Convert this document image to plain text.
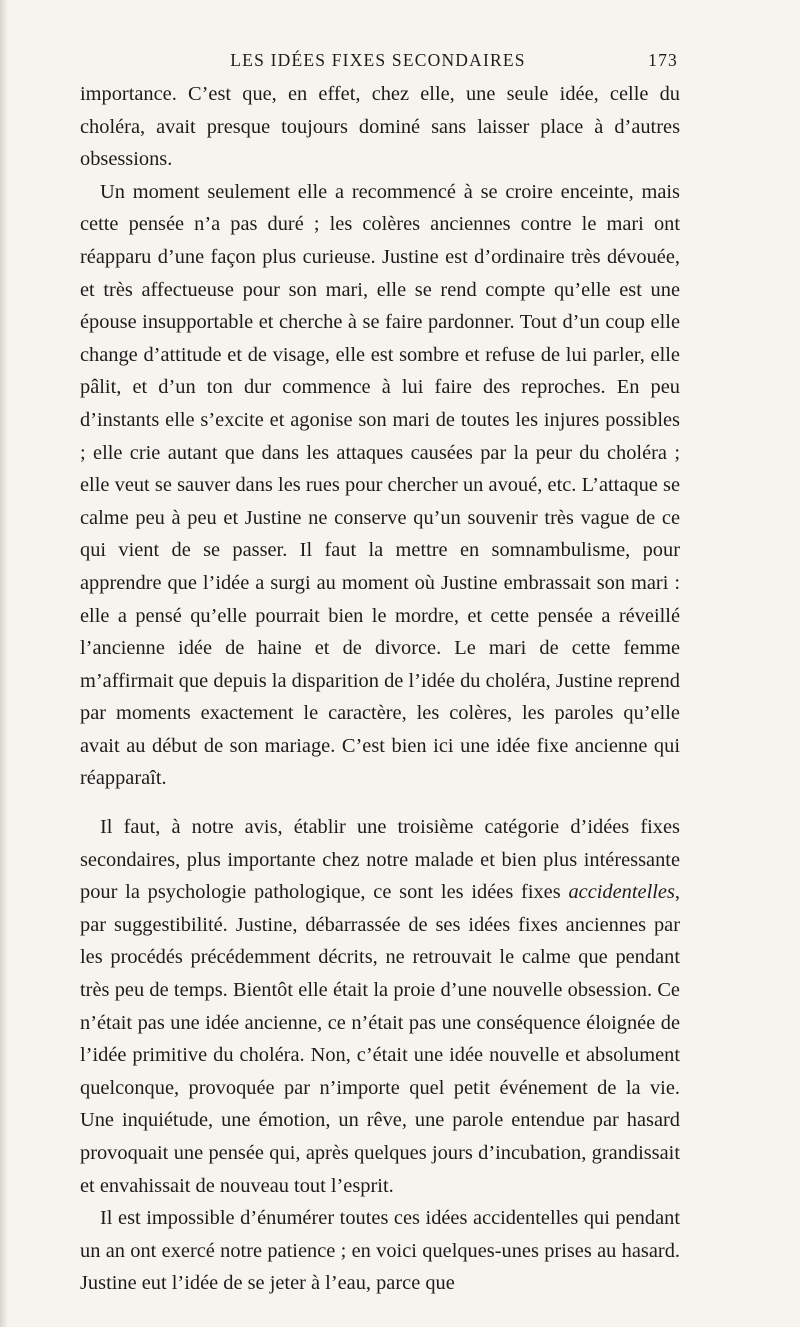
LES IDÉES FIXES SECONDAIRES	173

importance. C’est que, en effet, chez elle, une seule idée, celle du choléra, avait presque toujours dominé sans laisser place à d’autres obsessions.

Un moment seulement elle a recommencé à se croire enceinte, mais cette pensée n’a pas duré ; les colères anciennes contre le mari ont réapparu d’une façon plus curieuse. Justine est d’ordinaire très dévouée, et très affectueuse pour son mari, elle se rend compte qu’elle est une épouse insupportable et cherche à se faire pardonner. Tout d’un coup elle change d’attitude et de visage, elle est sombre et refuse de lui parler, elle pâlit, et d’un ton dur commence à lui faire des reproches. En peu d’instants elle s’excite et agonise son mari de toutes les injures possibles ; elle crie autant que dans les attaques causées par la peur du choléra ; elle veut se sauver dans les rues pour chercher un avoué, etc. L’attaque se calme peu à peu et Justine ne conserve qu’un souvenir très vague de ce qui vient de se passer. Il faut la mettre en somnambulisme, pour apprendre que l’idée a surgi au moment où Justine embrassait son mari : elle a pensé qu’elle pourrait bien le mordre, et cette pensée a réveillé l’ancienne idée de haine et de divorce. Le mari de cette femme m’affirmait que depuis la disparition de l’idée du choléra, Justine reprend par moments exactement le caractère, les colères, les paroles qu’elle avait au début de son mariage. C’est bien ici une idée fixe ancienne qui réapparaît.

Il faut, à notre avis, établir une troisième catégorie d’idées fixes secondaires, plus importante chez notre malade et bien plus intéressante pour la psychologie pathologique, ce sont les idées fixes accidentelles, par suggestibilité. Justine, débarrassée de ses idées fixes anciennes par les procédés précédemment décrits, ne retrouvait le calme que pendant très peu de temps. Bientôt elle était la proie d’une nouvelle obsession. Ce n’était pas une idée ancienne, ce n’était pas une conséquence éloignée de l’idée primitive du choléra. Non, c’était une idée nouvelle et absolument quelconque, provoquée par n’importe quel petit événement de la vie. Une inquiétude, une émotion, un rêve, une parole entendue par hasard provoquait une pensée qui, après quelques jours d’incubation, grandissait et envahissait de nouveau tout l’esprit.

Il est impossible d’énumérer toutes ces idées accidentelles qui pendant un an ont exercé notre patience ; en voici quelques-unes prises au hasard. Justine eut l’idée de se jeter à l’eau, parce que
